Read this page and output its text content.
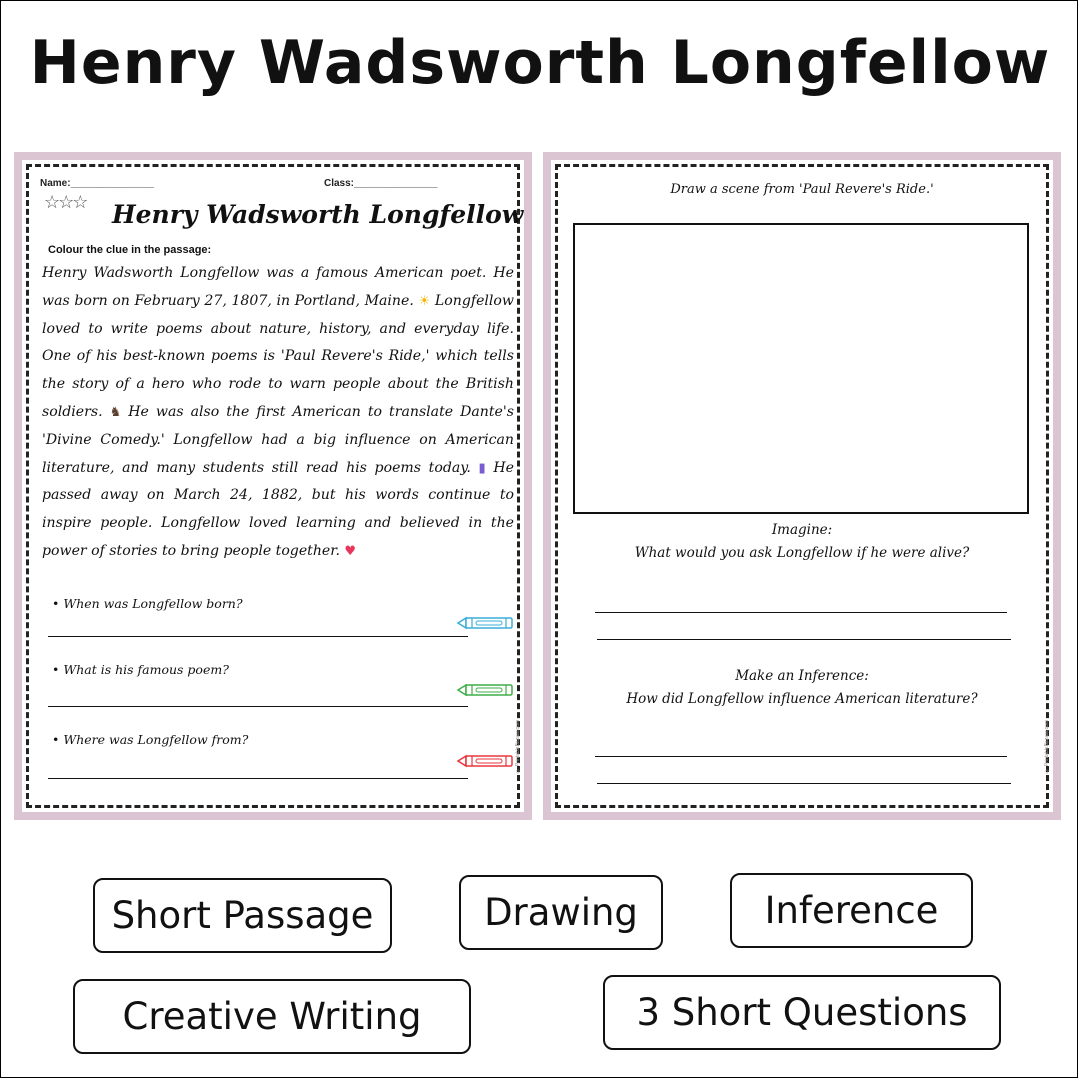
Henry Wadsworth Longfellow
Name:_______________	Class:_______________
☆☆☆ Henry Wadsworth Longfellow
Colour the clue in the passage:
Henry Wadsworth Longfellow was a famous American poet. He was born on February 27, 1807, in Portland, Maine. ☀ Longfellow loved to write poems about nature, history, and everyday life. One of his best-known poems is 'Paul Revere's Ride,' which tells the story of a hero who rode to warn people about the British soldiers. ♞ He was also the first American to translate Dante's 'Divine Comedy.' Longfellow had a big influence on American literature, and many students still read his poems today. ▮ He passed away on March 24, 1882, but his words continue to inspire people. Longfellow loved learning and believed in the power of stories to bring people together. ♥
• When was Longfellow born?
• What is his famous poem?
• Where was Longfellow from?	© PrintableBazaar.com
Draw a scene from 'Paul Revere's Ride.'
Imagine:
What would you ask Longfellow if he were alive?
Make an Inference:
How did Longfellow influence American literature?
© PrintableBazaar.com
Short Passage	Drawing	Inference
Creative Writing	3 Short Questions
